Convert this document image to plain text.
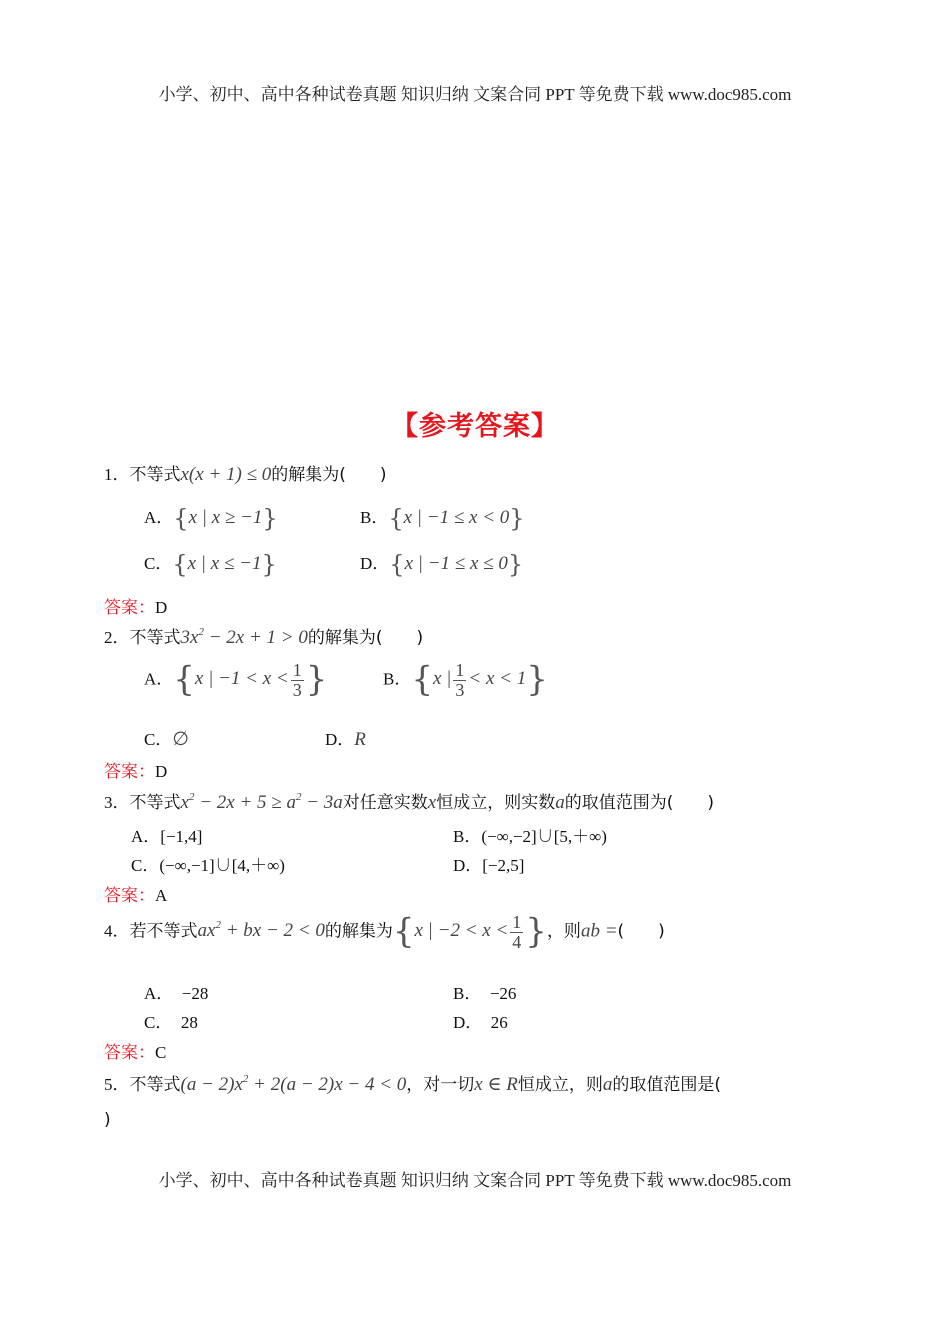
小学、初中、高中各种试卷真题 知识归纳 文案合同 PPT 等免费下载 www.doc985.com
【参考答案】
1．不等式x(x + 1) ≤ 0的解集为(　　)
A．{x | x ≥ −1}	B．{x | −1 ≤ x < 0}
C．{x | x ≤ −1}	D．{x | −1 ≤ x ≤ 0}
答案：D
2．不等式$3x^2 - 2x + 1 > 0$的解集为(　　)
A．{x | $-1 < x < \frac{1}{3}$ }	B．{x | $\frac{1}{3} < x < 1$}
C．∅	D．R
答案：D
3．不等式$x^2 - 2x + 5 \ge a^2 - 3a$对任意实数x恒成立，则实数a的取值范围为(　　)
A．[−1,4]	B．(−∞,−2]∪[5,＋∞)
C．(−∞,−1]∪[4,＋∞)	D．[−2,5]
答案：A
4．若不等式$ax^2$ + bx − 2 < 0的解集为{x | $-2 < x < \frac{1}{4}$ }，则ab =(　　)
A．　−28	B．　−26
C．　28	D．　26
答案：C
5．不等式$(a - 2)x^2 + 2(a - 2)x - 4 < 0$，对一切x ∈ R恒成立，则a的取值范围是(
)
小学、初中、高中各种试卷真题 知识归纳 文案合同 PPT 等免费下载 www.doc985.com
